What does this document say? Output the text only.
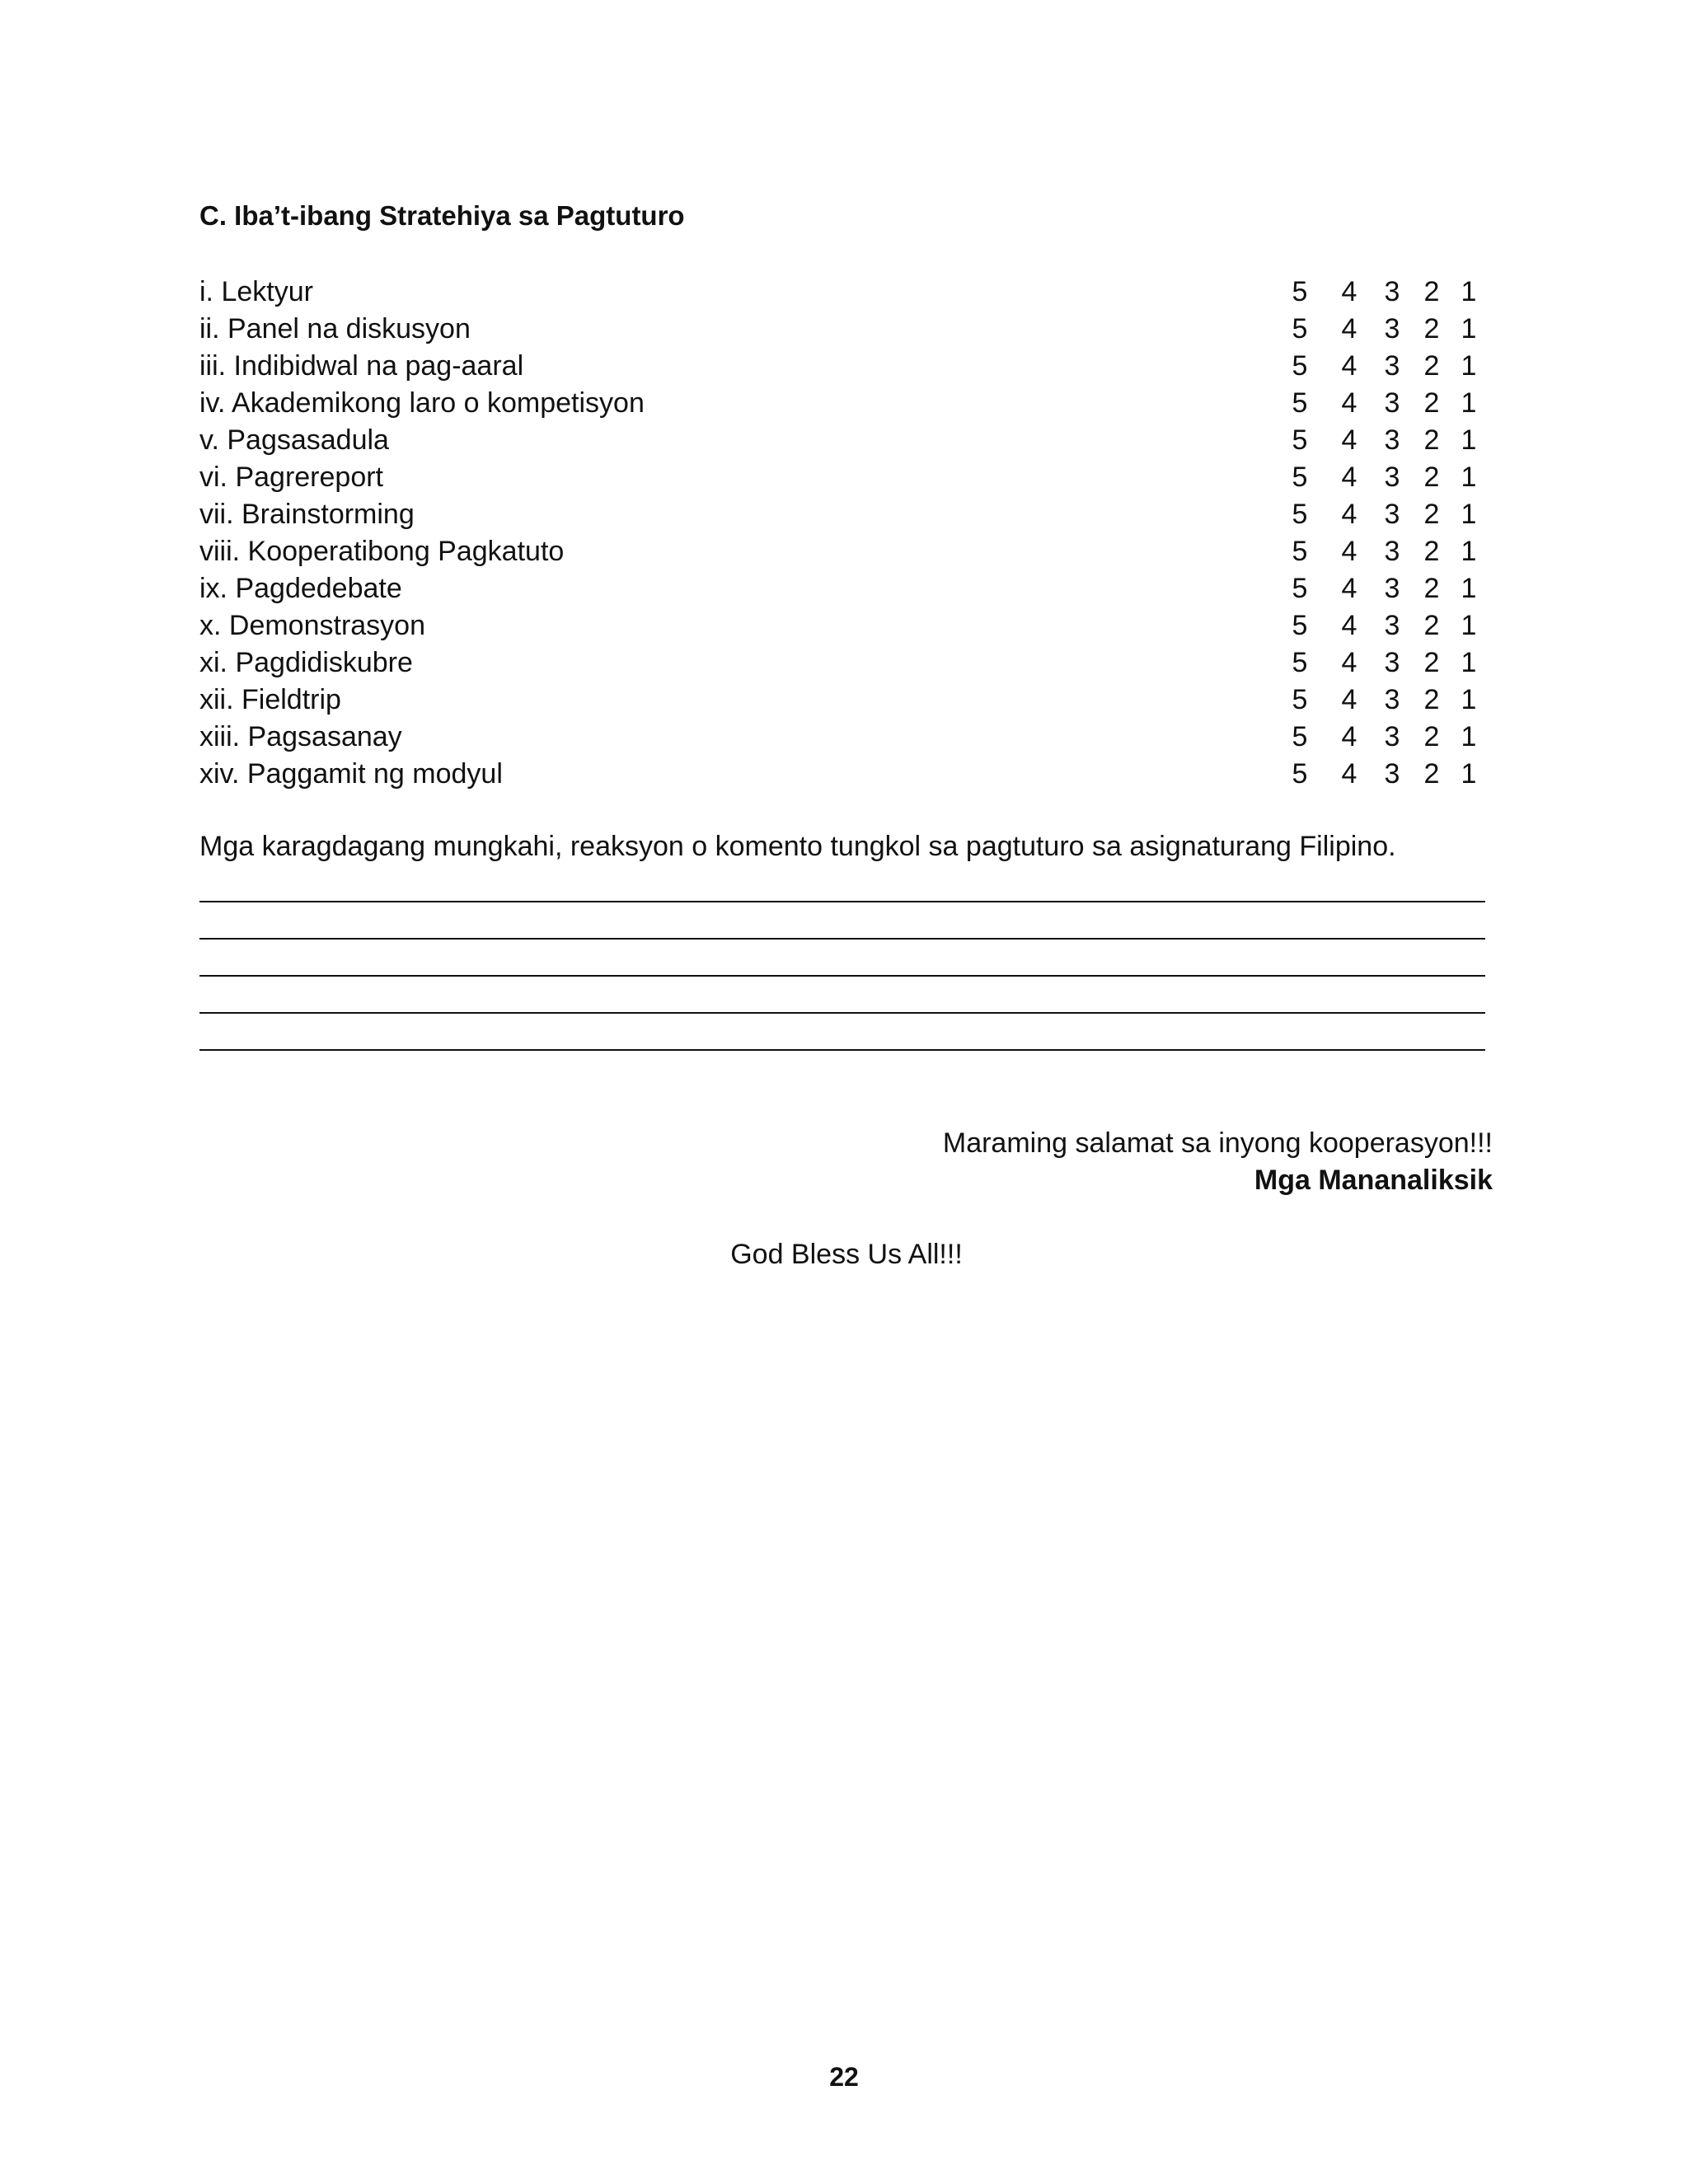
C. Iba’t-ibang Stratehiya sa Pagtuturo
i. Lektyur	5 4 3 2 1
ii. Panel na diskusyon	5 4 3 2 1
iii. Indibidwal na pag-aaral	5 4 3 2 1
iv. Akademikong laro o kompetisyon	5 4 3 2 1
v. Pagsasadula	5 4 3 2 1
vi. Pagrereport	5 4 3 2 1
vii. Brainstorming	5 4 3 2 1
viii. Kooperatibong Pagkatuto	5 4 3 2 1
ix. Pagdedebate	5 4 3 2 1
x. Demonstrasyon	5 4 3 2 1
xi. Pagdidiskubre	5 4 3 2 1
xii. Fieldtrip	5 4 3 2 1
xiii. Pagsasanay	5 4 3 2 1
xiv. Paggamit ng modyul	5 4 3 2 1
Mga karagdagang mungkahi, reaksyon o komento tungkol sa pagtuturo sa asignaturang Filipino.
Maraming salamat sa inyong kooperasyon!!!
Mga Mananaliksik
God Bless Us All!!!
22
